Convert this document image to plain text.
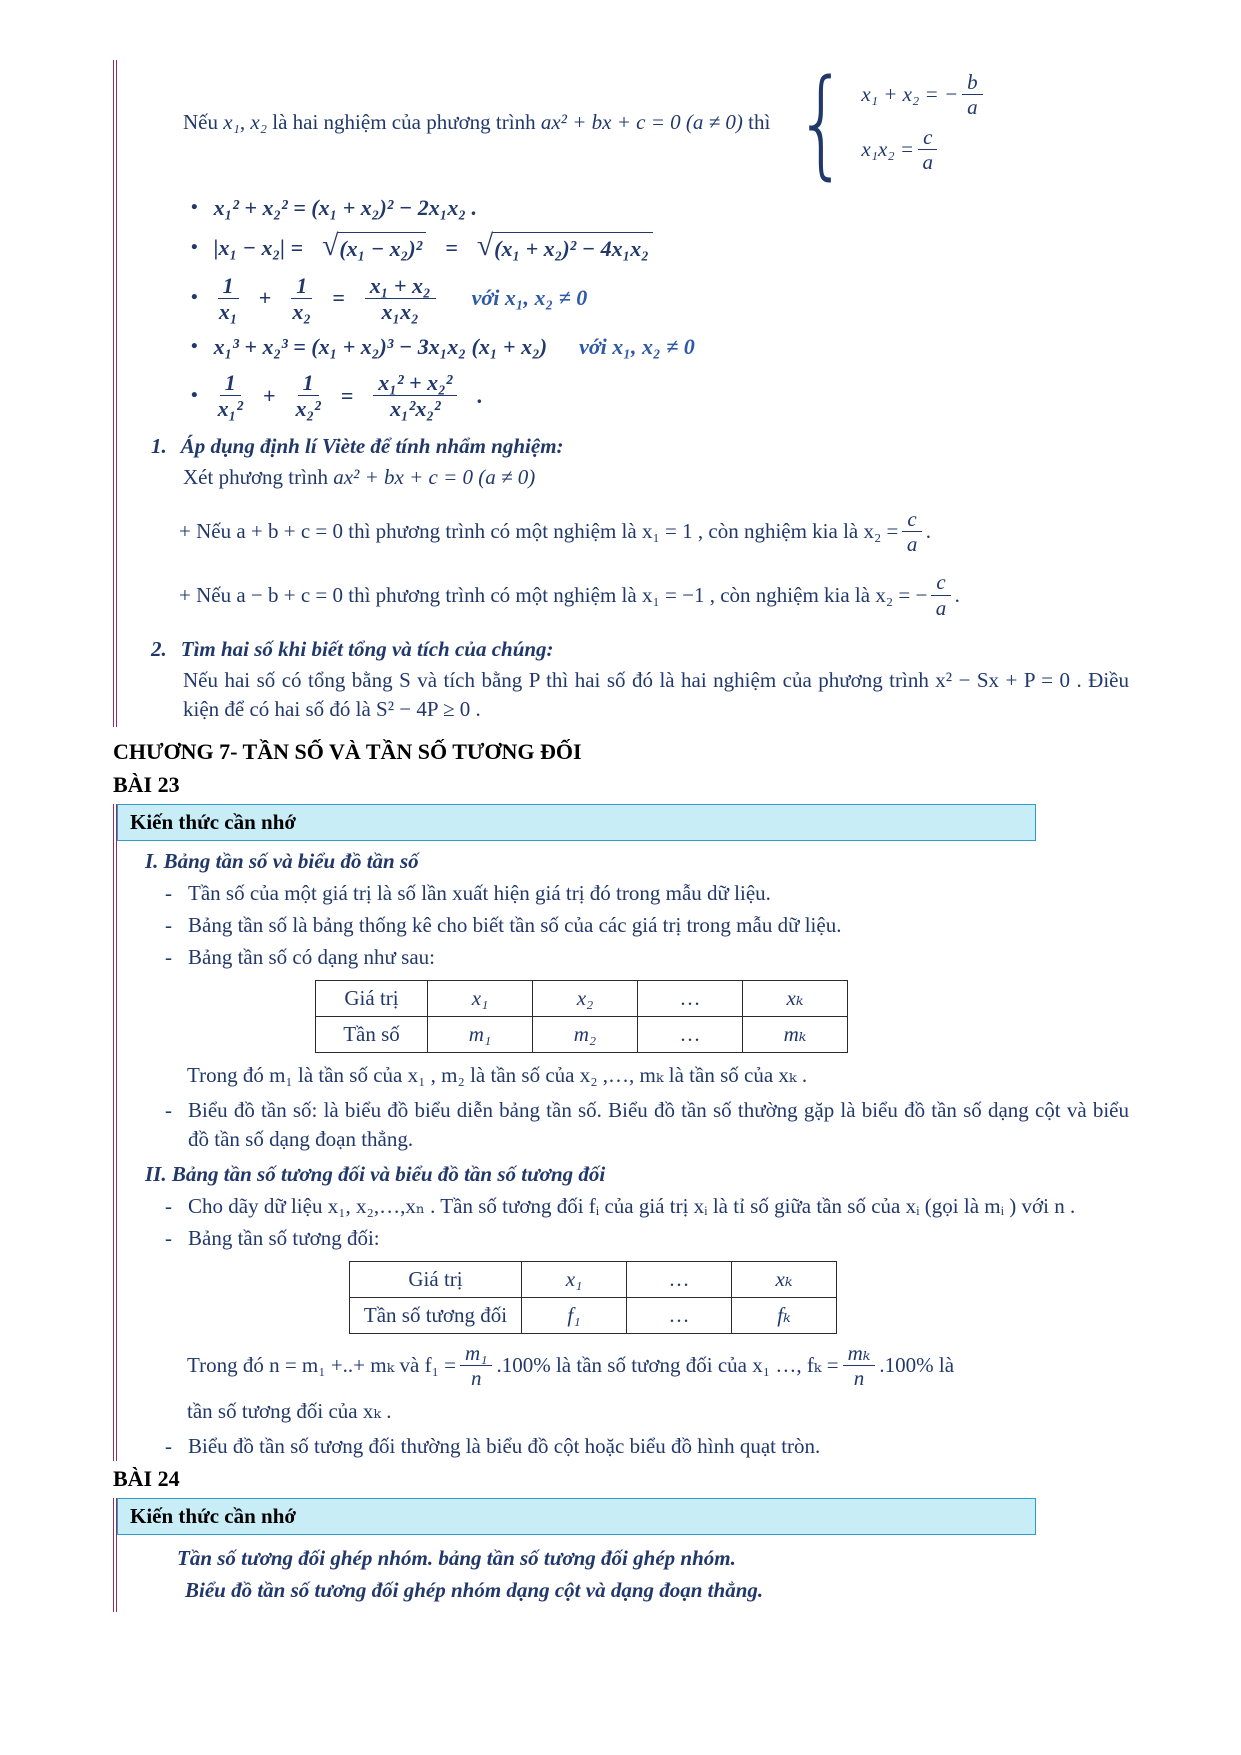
Nếu x₁, x₂ là hai nghiệm của phương trình ax² + bx + c = 0 (a ≠ 0) thì { x₁ + x₂ = − $\frac{b}{a}$
$x_1x_2 = \frac{c}{a}$
• x₁² + x₂² = (x₁ + x₂)² − 2x₁x₂ .
• |x₁ − x₂| = √ (x₁ − x₂)² = √ (x₁ + x₂)² − 4x₁x₂
• $\frac{1}{\text{x₁}} + \frac{1}{\text{x₂}} = \frac{\text{x₁ + x₂}}{\text{x₁x₂}}$ với x₁, x₂ ≠ 0
• x₁³ + x₂³ = (x₁ + x₂)³ − 3x₁x₂ (x₁ + x₂) với x₁, x₂ ≠ 0
• $\frac{1}{\text{x₁²}} + \frac{1}{\text{x₂²}} = \frac{\text{x₁² + x₂²}}{\text{x₁²x₂²}}$ .
1. Áp dụng định lí Viète để tính nhẩm nghiệm:

Xét phương trình ax² + bx + c = 0 (a ≠ 0)

+ Nếu a + b + c = 0 thì phương trình có một nghiệm là x₁ = 1 , còn nghiệm kia là $x_2 = \frac{c}{a}$ .
+ Nếu a − b + c = 0 thì phương trình có một nghiệm là x₁ = −1 , còn nghiệm kia là x₂ = − $\frac{c}{a}$ .
2. Tìm hai số khi biết tổng và tích của chúng:

Nếu hai số có tổng bằng S và tích bằng P thì hai số đó là hai nghiệm của phương trình x² − Sx + P = 0 . Điều kiện để có hai số đó là S² − 4P ≥ 0 .

CHƯƠNG 7- TẦN SỐ VÀ TẦN SỐ TƯƠNG ĐỐI
BÀI 23
Kiến thức cần nhớ
I. Bảng tần số và biểu đồ tần số
- Tần số của một giá trị là số lần xuất hiện giá trị đó trong mẫu dữ liệu.
- Bảng tần số là bảng thống kê cho biết tần số của các giá trị trong mẫu dữ liệu.
- Bảng tần số có dạng như sau:
Giá trị	x₁	x₂	…	xₖ
Tần số	m₁	m₂	…	mₖ

Trong đó m₁ là tần số của x₁ , m₂ là tần số của x₂ ,…, mₖ là tần số của xₖ .

- Biểu đồ tần số: là biểu đồ biểu diễn bảng tần số. Biểu đồ tần số thường gặp là biểu đồ tần số dạng cột và biểu đồ tần số dạng đoạn thẳng.
II. Bảng tần số tương đối và biểu đồ tần số tương đối
- Cho dãy dữ liệu x₁, x₂,…,xₙ . Tần số tương đối fᵢ của giá trị xᵢ là tỉ số giữa tần số của xᵢ (gọi là mᵢ ) với n .
- Bảng tần số tương đối:
Giá trị	x₁	…	xₖ
Tần số tương đối	f₁	…	fₖ
Trong đó n = m₁ +..+ mₖ và $f_1 = \frac{\text{m₁}}{n} .100\%$ là tần số tương đối của x₁ …, $f_k = \frac{\text{mₖ}}{n} .100\%$ là

tần số tương đối của xₖ .

- Biểu đồ tần số tương đối thường là biểu đồ cột hoặc biểu đồ hình quạt tròn.
BÀI 24
Kiến thức cần nhớ

Tần số tương đối ghép nhóm. bảng tần số tương đối ghép nhóm.

Biểu đồ tần số tương đối ghép nhóm dạng cột và dạng đoạn thẳng.
